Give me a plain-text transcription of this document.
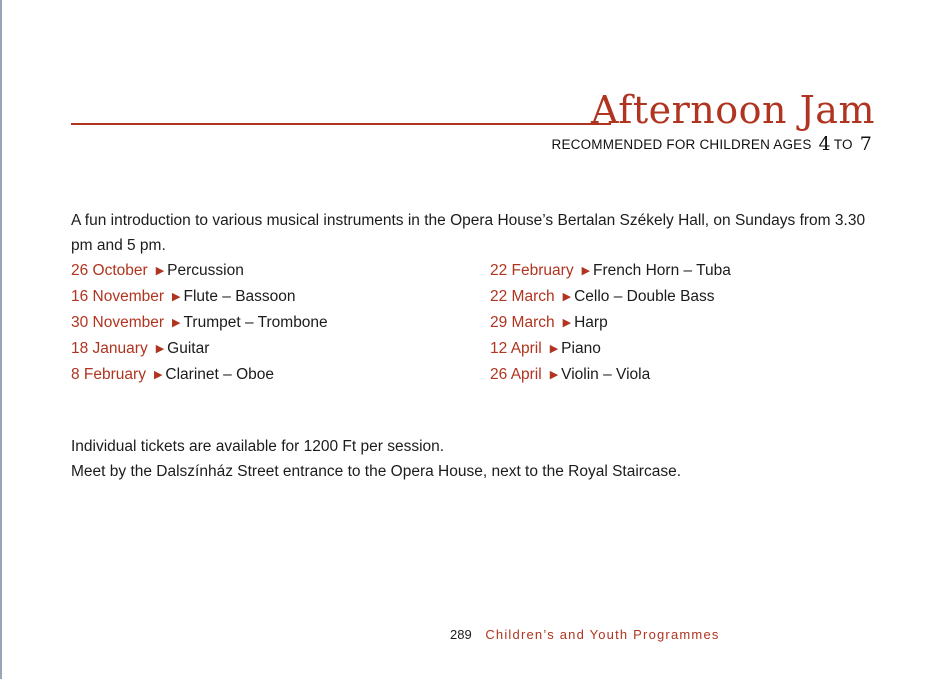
Afternoon Jam
RECOMMENDED FOR CHILDREN AGES 4 TO 7

A fun introduction to various musical instruments in the Opera House’s Bertalan Székely Hall, on Sundays from 3.30 pm and 5 pm.

26 October ▶ Percussion
16 November ▶ Flute – Bassoon
30 November ▶ Trumpet – Trombone
18 January ▶ Guitar
8 February ▶ Clarinet – Oboe
22 February ▶ French Horn – Tuba
22 March ▶ Cello – Double Bass
29 March ▶ Harp
12 April ▶ Piano
26 April ▶ Violin – Viola

Individual tickets are available for 1200 Ft per session.

Meet by the Dalszínház Street entrance to the Opera House, next to the Royal Staircase.

289 Children’s and Youth Programmes
